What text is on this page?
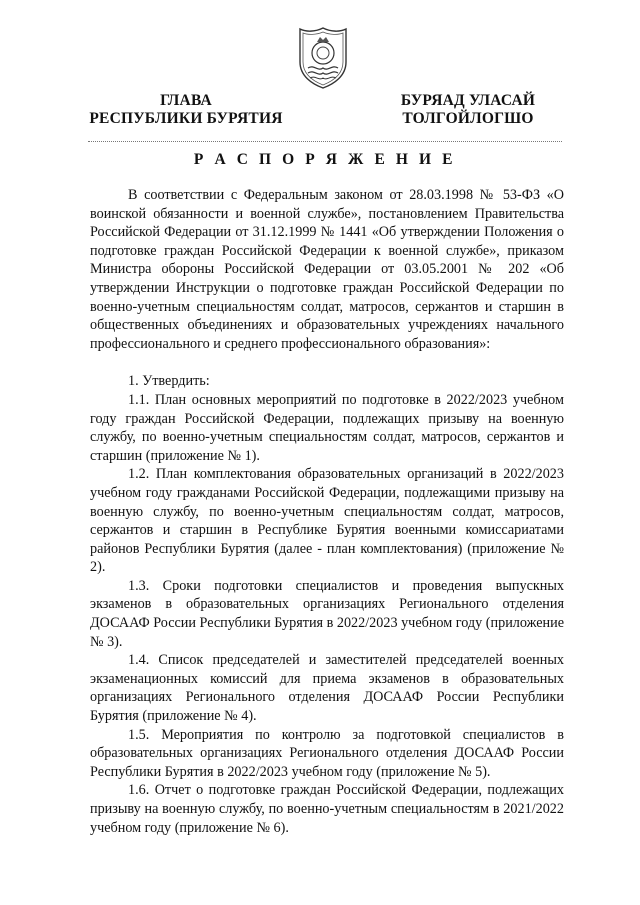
ГЛАВА
РЕСПУБЛИКИ БУРЯТИЯ
БУРЯАД УЛАСАЙ
ТОЛГОЙЛОГШО
Р А С П О Р Я Ж Е Н И Е

В соответствии с Федеральным законом от 28.03.1998 № 53-ФЗ «О воинской обязанности и военной службе», постановлением Правительства Российской Федерации от 31.12.1999 № 1441 «Об утверждении Положения о подготовке граждан Российской Федерации к военной службе», приказом Министра обороны Российской Федерации от 03.05.2001 № 202 «Об утверждении Инструкции о подготовке граждан Российской Федерации по военно-учетным специальностям солдат, матросов, сержантов и старшин в общественных объединениях и образовательных учреждениях начального профессионального и среднего профессионального образования»:

1. Утвердить:

1.1. План основных мероприятий по подготовке в 2022/2023 учебном году граждан Российской Федерации, подлежащих призыву на военную службу, по военно-учетным специальностям солдат, матросов, сержантов и старшин (приложение № 1).

1.2. План комплектования образовательных организаций в 2022/2023 учебном году гражданами Российской Федерации, подлежащими призыву на военную службу, по военно-учетным специальностям солдат, матросов, сержантов и старшин в Республике Бурятия военными комиссариатами районов Республики Бурятия (далее - план комплектования) (приложение № 2).

1.3. Сроки подготовки специалистов и проведения выпускных экзаменов в образовательных организациях Регионального отделения ДОСААФ России Республики Бурятия в 2022/2023 учебном году (приложение № 3).

1.4. Список председателей и заместителей председателей военных экзаменационных комиссий для приема экзаменов в образовательных организациях Регионального отделения ДОСААФ России Республики Бурятия (приложение № 4).

1.5. Мероприятия по контролю за подготовкой специалистов в образовательных организациях Регионального отделения ДОСААФ России Республики Бурятия в 2022/2023 учебном году (приложение № 5).

1.6. Отчет о подготовке граждан Российской Федерации, подлежащих призыву на военную службу, по военно-учетным специальностям в 2021/2022 учебном году (приложение № 6).
